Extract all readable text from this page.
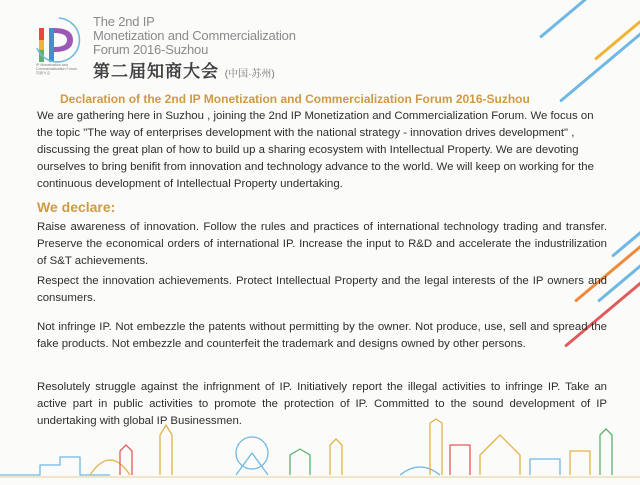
IP Monetization and Commercialization Forum 知商大会
The 2nd IP
Monetization and Commercialization
Forum 2016-Suzhou
第二届知商大会 (中国·苏州)
Declaration of the 2nd IP Monetization and Commercialization Forum 2016-Suzhou
We are gathering here in Suzhou , joining the 2nd IP Monetization and Commercialization Forum. We focus on the topic "The way of enterprises development with the national strategy - innovation drives development" , discussing the great plan of how to build up a sharing ecosystem with Intellectual Property. We are devoting ourselves to bring benifit from innovation and technology advance to the world. We will keep on working for the continuous development of Intellectual Property undertaking.
We declare:
Raise awareness of innovation. Follow the rules and practices of international technology trading and transfer. Preserve the economical orders of international IP. Increase the input to R&D and accelerate the industrilization of S&T achievements.
Respect the innovation achievements. Protect Intellectual Property and the legal interests of the IP owners and consumers.
Not infringe IP. Not embezzle the patents without permitting by the owner. Not produce, use, sell and spread the fake products. Not embezzle and counterfeit the trademark and designs owned by other persons.
Resolutely struggle against the infrignment of IP. Initiatively report the illegal activities to infringe IP. Take an active part in public activities to promote the protection of IP. Committed to the sound development of IP undertaking with global IP Businessmen.
